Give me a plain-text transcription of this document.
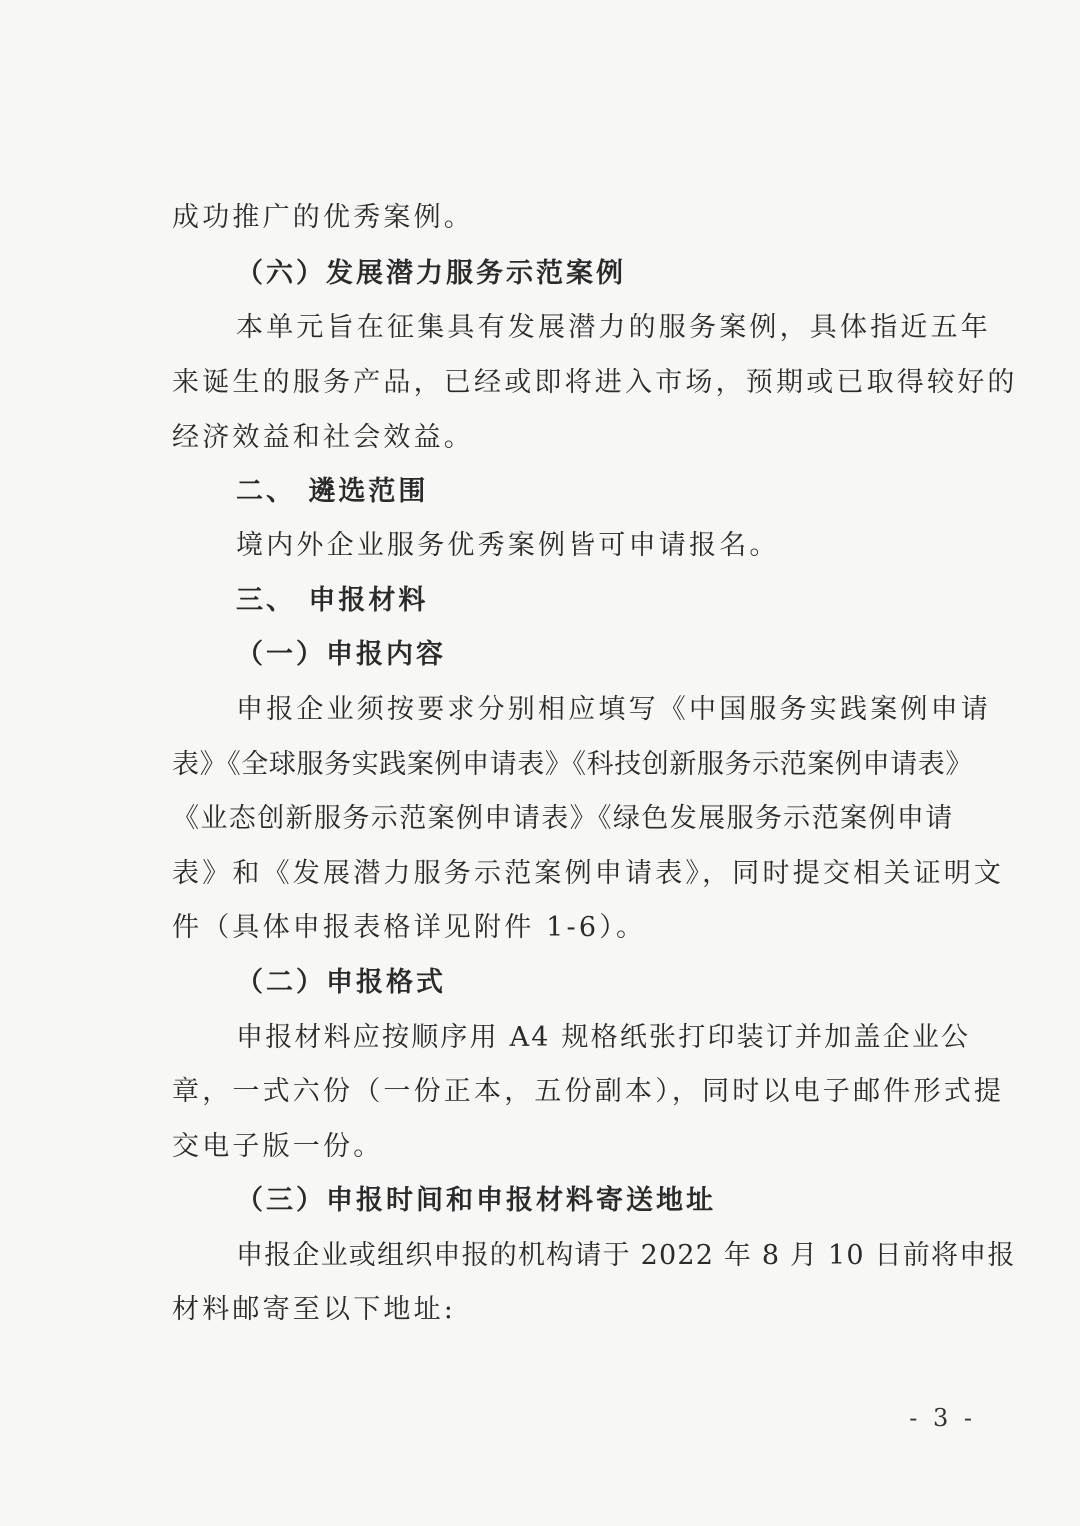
成功推广的优秀案例。
（六）发展潜力服务示范案例
本单元旨在征集具有发展潜力的服务案例，具体指近五年
来诞生的服务产品，已经或即将进入市场，预期或已取得较好的
经济效益和社会效益。
二、 遴选范围
境内外企业服务优秀案例皆可申请报名。
三、 申报材料
（一）申报内容
申报企业须按要求分别相应填写《中国服务实践案例申请
表》《全球服务实践案例申请表》《科技创新服务示范案例申请表》
《业态创新服务示范案例申请表》《绿色发展服务示范案例申请
表》和《发展潜力服务示范案例申请表》，同时提交相关证明文
件（具体申报表格详见附件 1-6）。
（二）申报格式
申报材料应按顺序用 A4 规格纸张打印装订并加盖企业公
章，一式六份（一份正本，五份副本），同时以电子邮件形式提
交电子版一份。
（三）申报时间和申报材料寄送地址
申报企业或组织申报的机构请于 2022 年 8 月 10 日前将申报
材料邮寄至以下地址:
- 3 -
